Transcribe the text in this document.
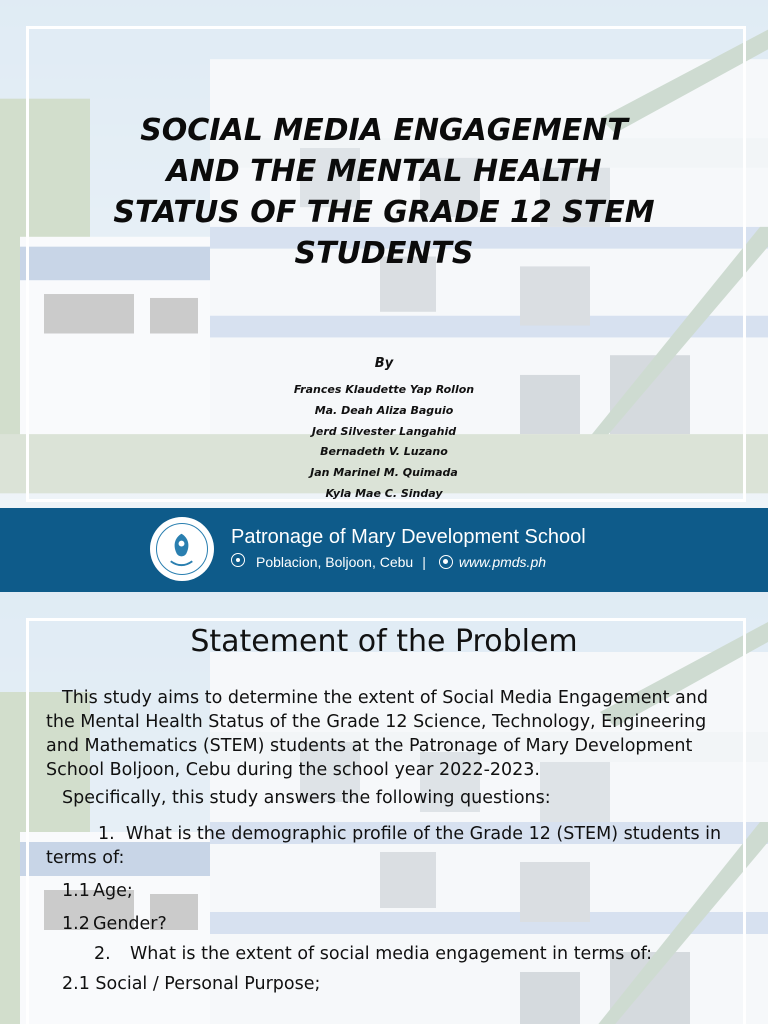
SOCIAL MEDIA ENGAGEMENT
AND THE MENTAL HEALTH
STATUS OF THE GRADE 12 STEM
STUDENTS
By
Frances Klaudette Yap Rollon
Ma. Deah Aliza Baguio
Jerd Silvester Langahid
Bernadeth V. Luzano
Jan Marinel M. Quimada
Kyla Mae C. Sinday
Patronage of Mary Development School
Poblacion, Boljoon, Cebu | www.pmds.ph
Statement of the Problem

This study aims to determine the extent of Social Media Engagement and the Mental Health Status of the Grade 12 Science, Technology, Engineering and Mathematics (STEM) students at the Patronage of Mary Development School Boljoon, Cebu during the school year 2022-2023.

Specifically, this study answers the following questions:

1. What is the demographic profile of the Grade 12 (STEM) students in terms of:

1.1 Age;

1.2 Gender?

2. What is the extent of social media engagement in terms of:

2.1 Social / Personal Purpose;
